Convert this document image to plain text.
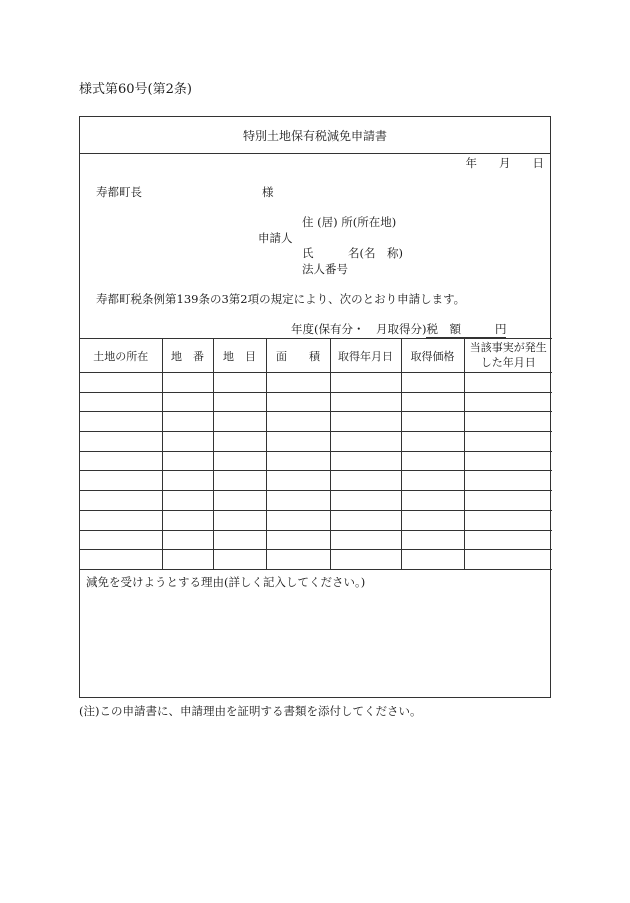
様式第60号(第2条)
特別土地保有税減免申請書
年 月 日
寿都町長	様
住 (居) 所(所在地)
申請人
氏　　　名(名　称)
法人番号
寿都町税条例第139条の3第2項の規定により、次のとおり申請します。
年度(保有分・　月取得分) 税　額	円
土地の所在	地　番	地　目	面　　積	取得年月日	取得価格	当該事実が発生した年月日

減免を受けようとする理由(詳しく記入してください。)
(注)この申請書に、申請理由を証明する書類を添付してください。
